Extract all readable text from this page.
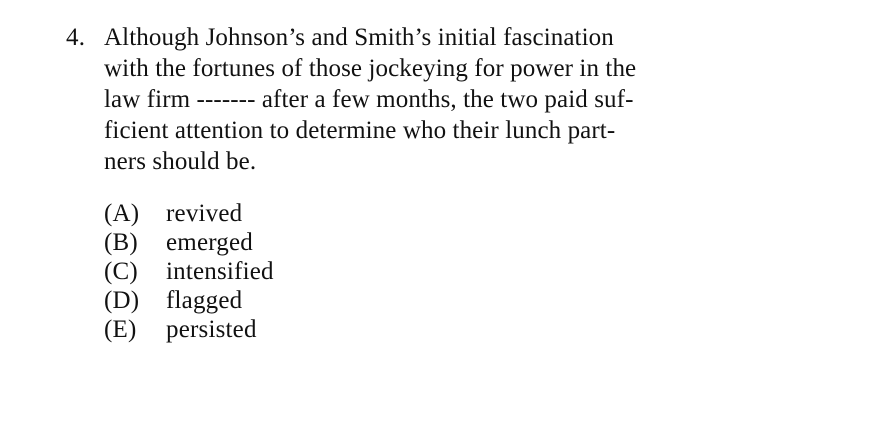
4. Although Johnson’s and Smith’s initial fascination
with the fortunes of those jockeying for power in the
law firm ------- after a few months, the two paid suf-
ficient attention to determine who their lunch part-
ners should be.
(A)	revived
(B)	emerged
(C)	intensified
(D)	flagged
(E)	persisted
